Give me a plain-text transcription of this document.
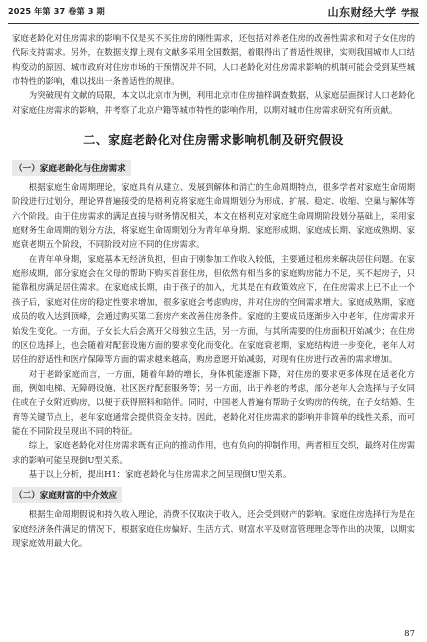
2025 年第 37 卷第 3 期	山东财经大学 学报

家庭老龄化对住房需求的影响不仅是买不买住房的刚性需求，还包括对养老住房的改善性需求和对子女住房的代际支持需求。另外，在数据支撑上现有文献多采用全国数据，着眼得出了普适性规律，实则我国城市人口结构变动的原因、城市政府对住房市场的干预情况并不同，人口老龄化对住房需求影响的机制可能会受到某些城市特性的影响，难以找出一条普适性的规律。

为突破现有文献的局限，本文以北京市为例，利用北京市住房抽样调查数据，从家庭层面探讨人口老龄化对家庭住房需求的影响，并考察了北京户籍等城市特性的影响作用，以期对城市住房需求研究有所贡献。

二、家庭老龄化对住房需求影响机制及研究假设
（一）家庭老龄化与住房需求

根据家庭生命周期理论，家庭具有从建立、发展到解体和消亡的生命周期特点，很多学者对家庭生命周期阶段进行过划分，理论界普遍接受的是格利克将家庭生命周期划分为形成、扩展、稳定、收缩、空巢与解体等六个阶段。由于住房需求的满足直接与财务情况相关，本文在格利克对家庭生命周期阶段划分基础上，采用家庭财务生命周期的划分方法，将家庭生命周期划分为青年单身期、家庭形成期、家庭成长期、家庭成熟期、家庭衰老期五个阶段，不同阶段对应不同的住房需求。

在青年单身期，家庭基本无经济负担，但由于刚参加工作收入较低，主要通过租房来解决居住问题。在家庭形成期，部分家庭会在父母的帮助下购买首套住房，但依然有相当多的家庭购房能力不足，买不起房子，只能靠租房满足居住需求。在家庭成长期，由于孩子的加入，尤其是在有政策效应下，在住房需求上已不止一个孩子后，家庭对住房的稳定性要求增加，很多家庭会考虑购房，并对住房的空间需求增大。家庭成熟期，家庭成员的收入达到顶峰，会通过购买第二套房产来改善住房条件。家庭的主要成员逐渐步入中老年，住房需求开始发生变化。一方面，子女长大后会离开父母独立生活，另一方面，与其所需要的住房面积开始减少；在住房的区位选择上，也会随着对配套设施方面的要求变化而变化。在家庭衰老期，家庭结构进一步变化，老年人对居住的舒适性和医疗保障等方面的需求越来越高，购房意愿开始减弱，对现有住房进行改善的需求增加。

对于老龄家庭而言，一方面，随着年龄的增长，身体机能逐渐下降，对住房的要求更多体现在适老化方面，例如电梯、无障碍设施、社区医疗配套服务等；另一方面，出于养老的考虑，部分老年人会选择与子女同住或在子女附近购房，以便于获得照料和陪伴。同时，中国老人普遍有帮助子女购房的传统，在子女结婚、生育等关键节点上，老年家庭通常会提供资金支持。因此，老龄化对住房需求的影响并非简单的线性关系，而可能在不同阶段呈现出不同的特征。

综上，家庭老龄化对住房需求既有正向的推动作用，也有负向的抑制作用，两者相互交织，最终对住房需求的影响可能呈现倒U型关系。

基于以上分析，提出H1：家庭老龄化与住房需求之间呈现倒U型关系。

（二）家庭财富的中介效应

根据生命周期假说和持久收入理论，消费不仅取决于收入，还会受到财产的影响。家庭住房选择行为是在家庭经济条件满足的情况下，根据家庭住房偏好、生活方式、财富水平及财富管理理念等作出的决策，以期实现家庭效用最大化。

87
